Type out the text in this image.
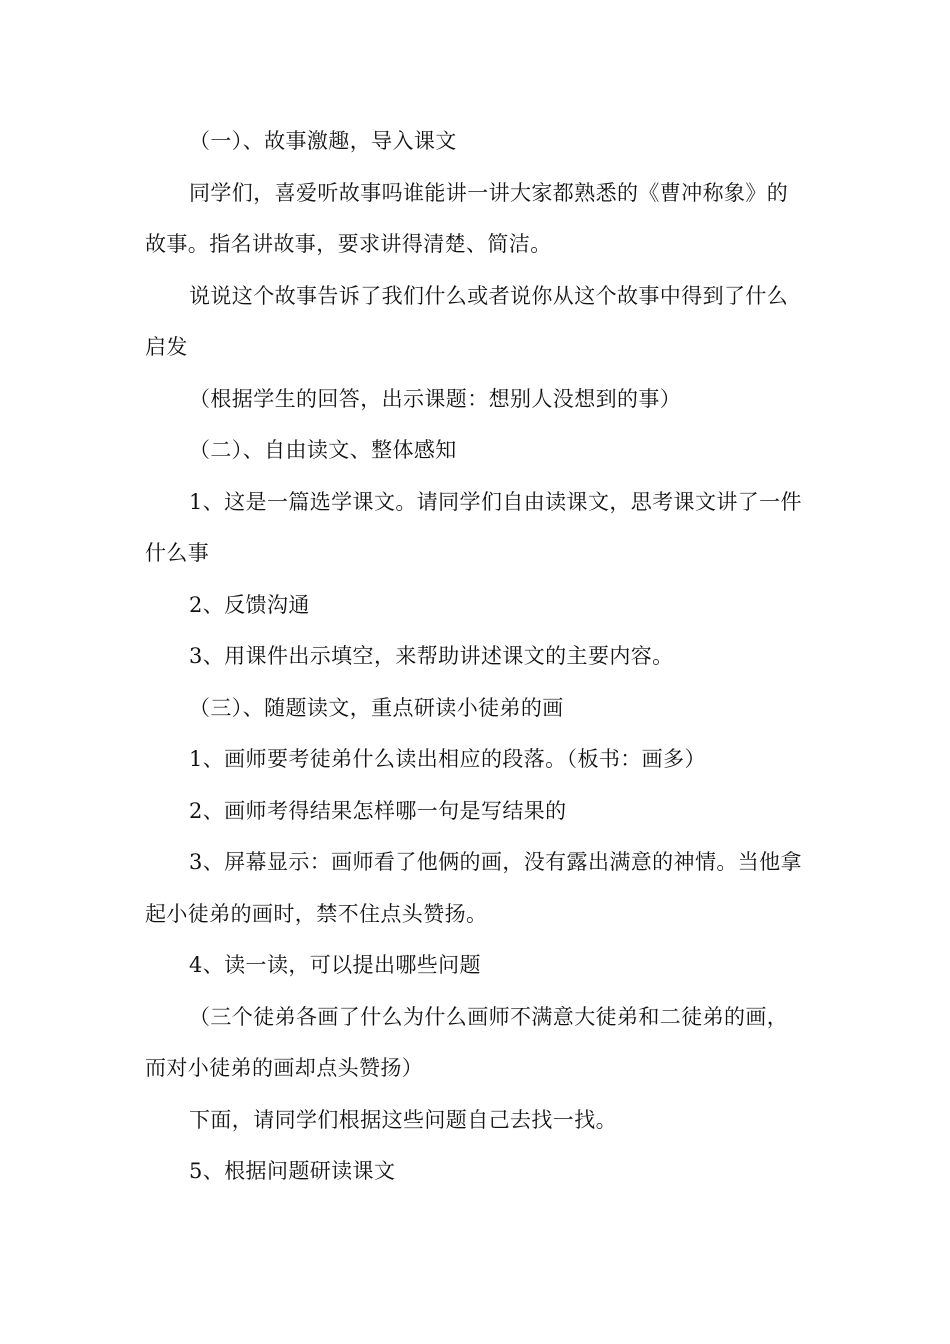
（一）、故事激趣，导入课文

同学们，喜爱听故事吗谁能讲一讲大家都熟悉的《曹冲称象》的故事。指名讲故事，要求讲得清楚、简洁。

说说这个故事告诉了我们什么或者说你从这个故事中得到了什么启发

（根据学生的回答，出示课题：想别人没想到的事）

（二）、自由读文、整体感知

1、这是一篇选学课文。请同学们自由读课文，思考课文讲了一件什么事

2、反馈沟通

3、用课件出示填空，来帮助讲述课文的主要内容。

（三）、随题读文，重点研读小徒弟的画

1、画师要考徒弟什么读出相应的段落。（板书：画多）

2、画师考得结果怎样哪一句是写结果的

3、屏幕显示：画师看了他俩的画，没有露出满意的神情。当他拿起小徒弟的画时，禁不住点头赞扬。

4、读一读，可以提出哪些问题

（三个徒弟各画了什么为什么画师不满意大徒弟和二徒弟的画，而对小徒弟的画却点头赞扬）

下面，请同学们根据这些问题自己去找一找。

5、根据问题研读课文
